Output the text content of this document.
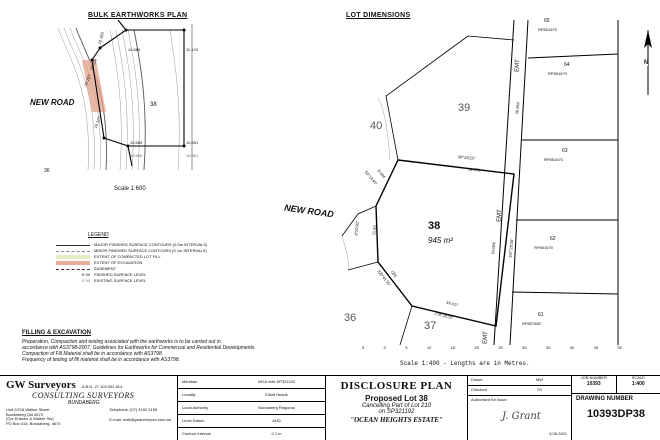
BULK EARTHWORKS PLAN
10.665	11.129
10.565	10.951
10.665	10.951
10.119
10.183
10.297
10.127
38
36
NEW ROAD
Scale 1:600
LEGEND
MAJOR FINISHED SURFACE CONTOURS (0.5m INTERVALS)
MINOR FINISHED SURFACE CONTOURS (0.1m INTERVALS)
EXTENT OF COMPACTED LOT FILL
EXTENT OF EXCAVATION
EASEMENT
E.90 FINISHED SURFACE LEVEL
E.90 EXISTING SURFACE LEVEL
FILLING & EXCAVATION
Preparation, Compaction and testing associated with the earthworks is to be carried out in
accordance with AS3798-2007, Guidelines for Earthworks for Commercial and Residential Developments.
Compaction of Fill Material shall be in accordance with AS3798.
Frequency of testing of fill material shall be in accordance with AS3798.
LOT DIMENSIONS
NEW ROAD
38
945 m²
N
65
RP851670
64
RP851670
63
RP851670
62
RP851670
61
RP807682
39
40
36
37
EMT
EMT
EMT
98°28'25"
19.578
50°14'45"
8.594
8°29'20"	11.63
320°41'25"
(20)
19.417
278°28'25"
34.096	187°29'20"
30.964
Scale 1:400 - Lengths are in Metres.
5	0	5	10	15	20	25	30	35	40	45	50
GW Surveyors A.B.N. 27 103 001 814
CONSULTING SURVEYORS
BUNDABERG
Unit 2/218 Walker Street
Bundaberg Qld 4670
(Cnr Eriksen & Walker Sts)
PO Box 416, Bundaberg, 4670
Telephone: (07) 4152 0155
E-mail: mail@gwsurveyors.com.au
Meridian	MGA vide SP321192
Locality	Elliott Heads
Local Authority	Bundaberg Regional
Level Datum	AHD
Contour Interval	0.1 m
DISCLOSURE PLAN
Proposed Lot 38
Cancelling Part of Lot 210
on SP321192
"OCEAN HEIGHTS ESTATE"
Drawn	MW
Checked	TG
Authorised for Issue
J. Grant
5.08.2021
JOB NUMBER
10393
SCALE
1:400
DRAWING NUMBER
10393DP38
